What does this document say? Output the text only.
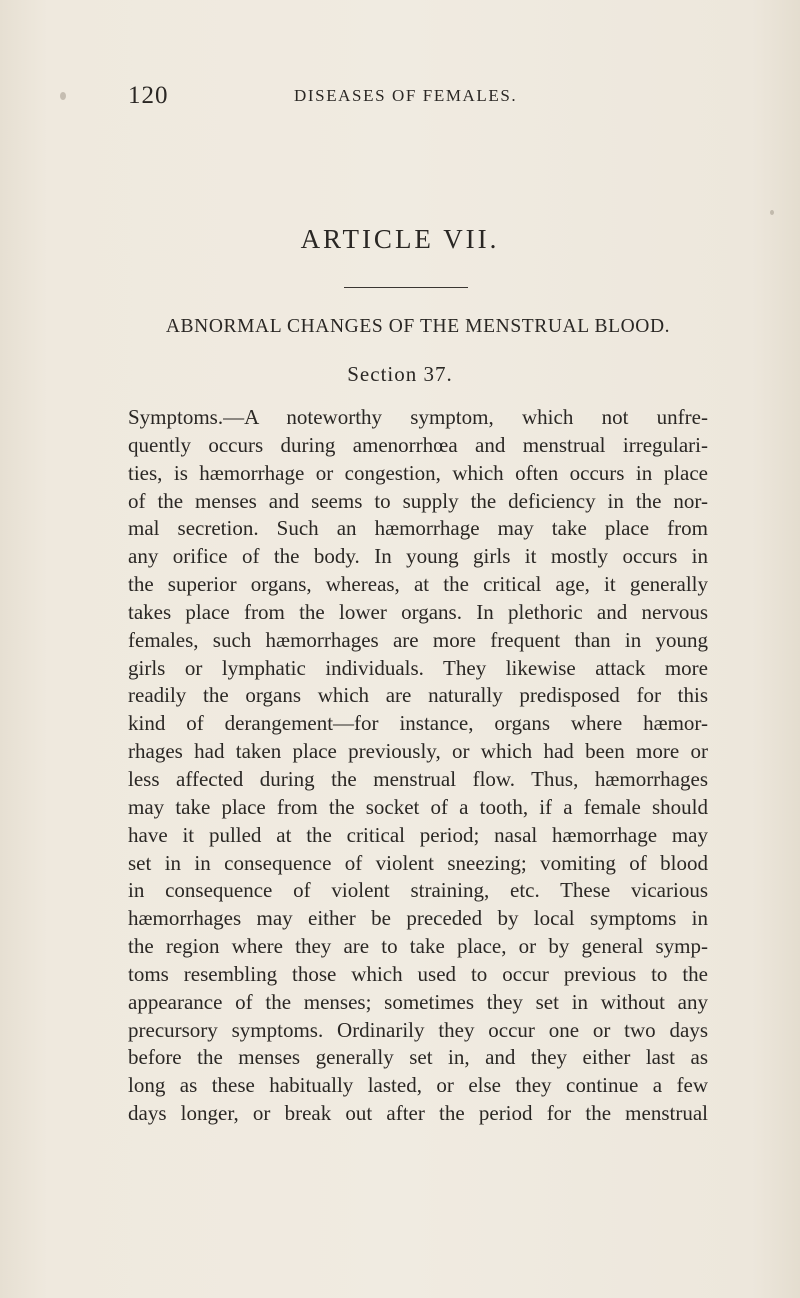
120	DISEASES OF FEMALES.
ARTICLE VII.
ABNORMAL CHANGES OF THE MENSTRUAL BLOOD.
Section 37.
Symptoms.—A noteworthy symptom, which not unfre-
quently occurs during amenorrhœa and menstrual irregulari-
ties, is hæmorrhage or congestion, which often occurs in place
of the menses and seems to supply the deficiency in the nor-
mal secretion. Such an hæmorrhage may take place from
any orifice of the body. In young girls it mostly occurs in
the superior organs, whereas, at the critical age, it generally
takes place from the lower organs. In plethoric and nervous
females, such hæmorrhages are more frequent than in young
girls or lymphatic individuals. They likewise attack more
readily the organs which are naturally predisposed for this
kind of derangement—for instance, organs where hæmor-
rhages had taken place previously, or which had been more or
less affected during the menstrual flow. Thus, hæmorrhages
may take place from the socket of a tooth, if a female should
have it pulled at the critical period; nasal hæmorrhage may
set in in consequence of violent sneezing; vomiting of blood
in consequence of violent straining, etc. These vicarious
hæmorrhages may either be preceded by local symptoms in
the region where they are to take place, or by general symp-
toms resembling those which used to occur previous to the
appearance of the menses; sometimes they set in without any
precursory symptoms. Ordinarily they occur one or two days
before the menses generally set in, and they either last as
long as these habitually lasted, or else they continue a few
days longer, or break out after the period for the menstrual
